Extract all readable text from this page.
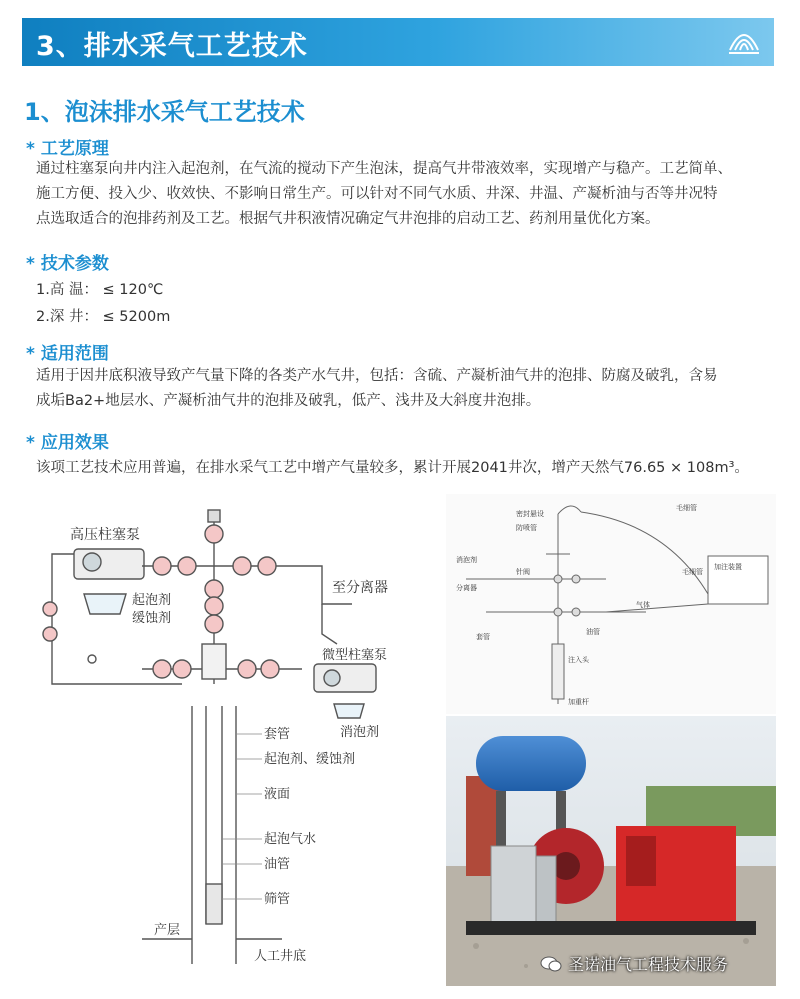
3、排水采气工艺技术
1、泡沫排水采气工艺技术
* 工艺原理
通过柱塞泵向井内注入起泡剂，在气流的搅动下产生泡沫，提高气井带液效率，实现增产与稳产。工艺简单、
施工方便、投入少、收效快、不影响日常生产。可以针对不同气水质、井深、井温、产凝析油与否等井况特
点选取适合的泡排药剂及工艺。根据气井积液情况确定气井泡排的启动工艺、药剂用量优化方案。
* 技术参数
1.高 温： ≤ 120℃
2.深 井： ≤ 5200m
* 适用范围
适用于因井底积液导致产气量下降的各类产水气井，包括：含硫、产凝析油气井的泡排、防腐及破乳，含易
成垢Ba2+地层水、产凝析油气井的泡排及破乳，低产、浅井及大斜度井泡排。
* 应用效果
该项工艺技术应用普遍，在排水采气工艺中增产气量较多，累计开展2041井次，增产天然气76.65 × 108m³。
高压柱塞泵
起泡剂
缓蚀剂
至分离器
微型柱塞泵
消泡剂
套管
起泡剂、缓蚀剂
液面
起泡气水
油管
筛管
产层
人工井底
密封悬设
防喷管
毛细管
消泡剂
分离器
针阀
加注装置
气体
毛细管
油管
套管
注入头
加重杆
圣诺油气工程技术服务
